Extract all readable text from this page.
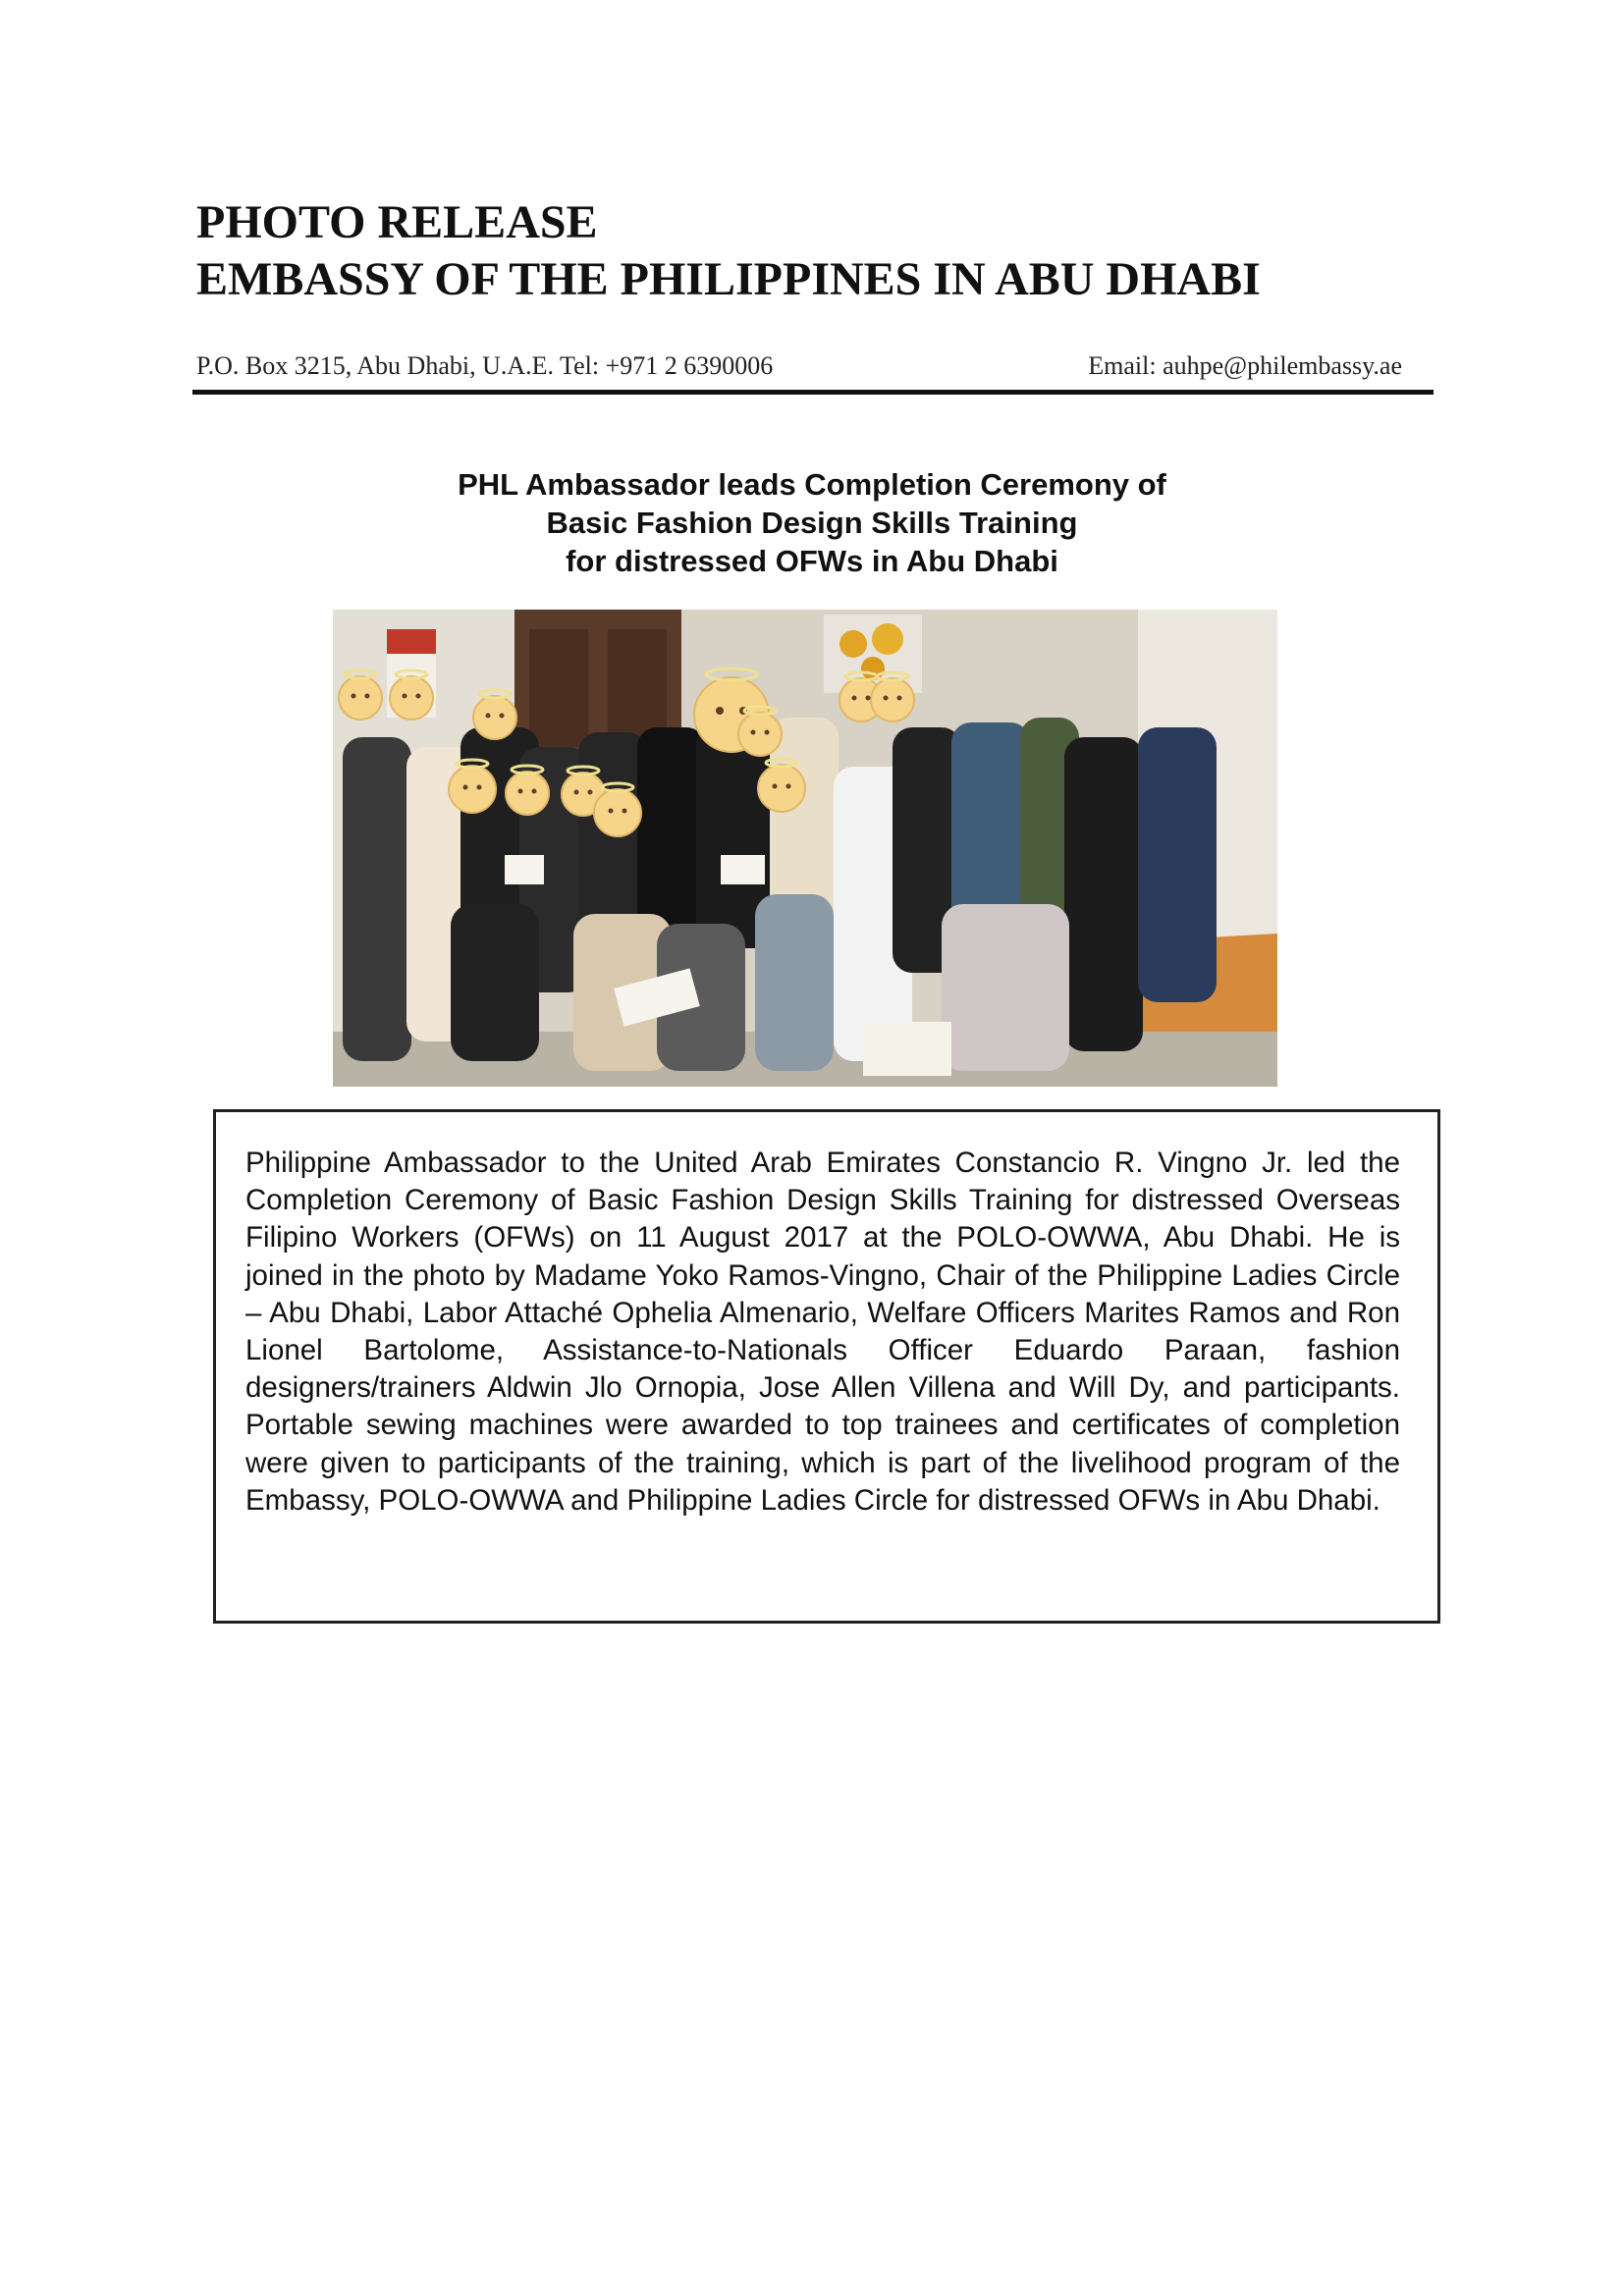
PHOTO RELEASE
EMBASSY OF THE PHILIPPINES IN ABU DHABI
P.O. Box 3215, Abu Dhabi, U.A.E. Tel: +971 2 6390006	Email: auhpe@philembassy.ae
PHL Ambassador leads Completion Ceremony of
Basic Fashion Design Skills Training
for distressed OFWs in Abu Dhabi

Philippine Ambassador to the United Arab Emirates Constancio R. Vingno Jr. led the Completion Ceremony of Basic Fashion Design Skills Training for distressed Overseas Filipino Workers (OFWs) on 11 August 2017 at the POLO-OWWA, Abu Dhabi. He is joined in the photo by Madame Yoko Ramos-Vingno, Chair of the Philippine Ladies Circle – Abu Dhabi, Labor Attaché Ophelia Almenario, Welfare Officers Marites Ramos and Ron Lionel Bartolome, Assistance-to-Nationals Officer Eduardo Paraan, fashion designers/trainers Aldwin Jlo Ornopia, Jose Allen Villena and Will Dy, and participants. Portable sewing machines were awarded to top trainees and certificates of completion were given to participants of the training, which is part of the livelihood program of the Embassy, POLO-OWWA and Philippine Ladies Circle for distressed OFWs in Abu Dhabi.
